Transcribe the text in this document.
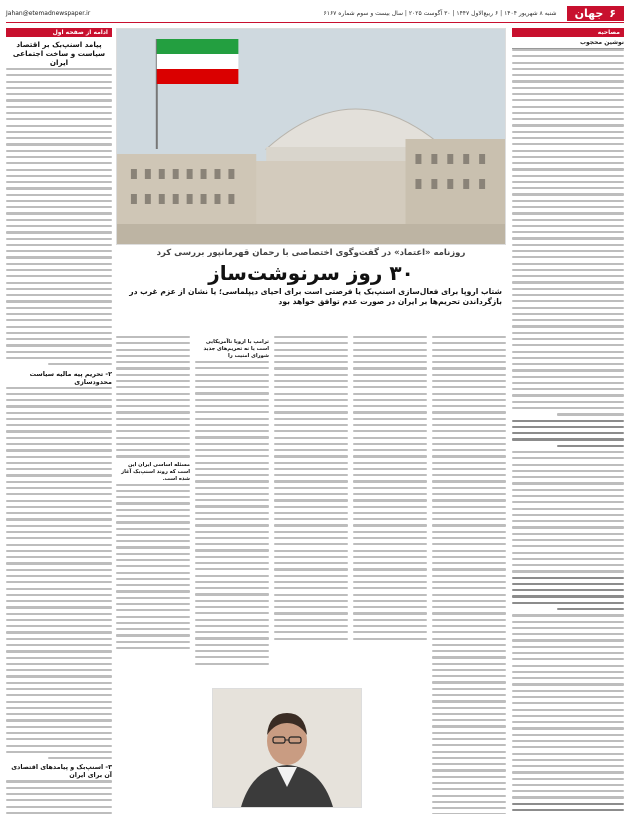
۶
جهان
شنبه ۸ شهریور ۱۴۰۴ | ۶ ربیع‌الاول ۱۴۴۷ | ۳۰ آگوست ۲۰۲۵ | سال بیست و سوم شماره ۶۱۶۷
Jahan@etemadnewspaper.ir
مصاحبه
نوشین محجوب
ادامه از صفحه اول
پیامد اسنپ‌بک بر اقتصاد سیاست و ساخت اجتماعی ایران
۲- تحریم پیه مالیه سیاست محدودسازی
۳- اسنپ‌بک و پیامدهای اقتصادی آن برای ایران
روزنامه «اعتماد» در گفت‌وگوی اختصاصی با رحمان قهرمانپور بررسی کرد
۳۰ روز سرنوشت‌ساز
شتاب اروپا برای فعال‌سازی اسنپ‌بک یا فرصتی است برای احیای دیپلماسی؛ یا نشان از عزم غرب در بازگرداندن تحریم‌ها بر ایران در صورت عدم توافق خواهد بود
ترامپ با اروپا ناآمریکایی است یا نه تحریم‌های جدید شورای امنیت را
مسئله اساسی ایران این است که روند اسنپ‌بک آغاز شده است.
